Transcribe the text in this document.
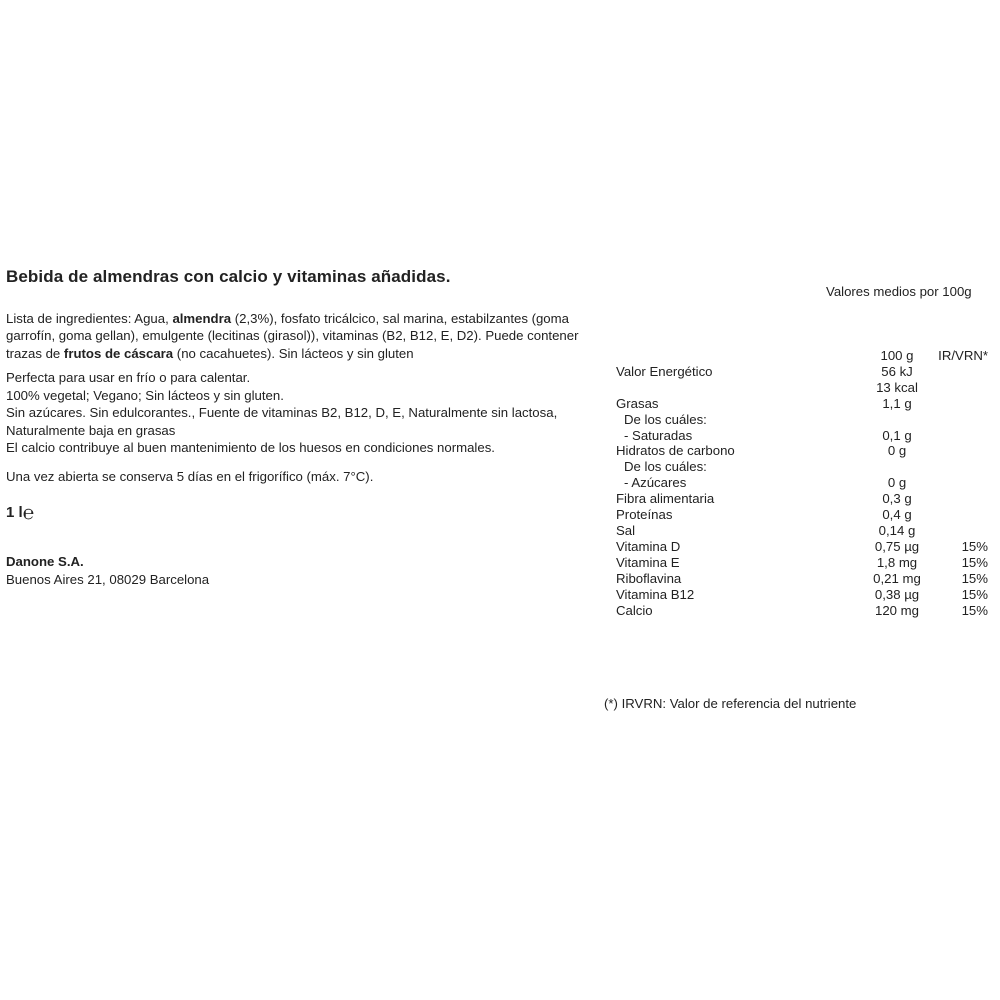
Bebida de almendras con calcio y vitaminas añadidas.
Valores medios por 100g

Lista de ingredientes: Agua, almendra (2,3%), fosfato tricálcico, sal marina, estabilzantes (goma garrofín, goma gellan), emulgente (lecitinas (girasol)), vitaminas (B2, B12, E, D2). Puede contener trazas de frutos de cáscara (no cacahuetes). Sin lácteos y sin gluten

Perfecta para usar en frío o para calentar.
100% vegetal; Vegano; Sin lácteos y sin gluten.
Sin azúcares. Sin edulcorantes., Fuente de vitaminas B2, B12, D, E, Naturalmente sin lactosa,
Naturalmente baja en grasas
El calcio contribuye al buen mantenimiento de los huesos en condiciones normales.
Una vez abierta se conserva 5 días en el frigorífico (máx. 7°C).
1 l℮
Danone S.A.
Buenos Aires 21, 08029 Barcelona
100 g	IR/VRN*
Valor Energético	56 kJ
13 kcal
Grasas	1,1 g
De los cuáles:
- Saturadas	0,1 g
Hidratos de carbono	0 g
De los cuáles:
- Azúcares	0 g
Fibra alimentaria	0,3 g
Proteínas	0,4 g
Sal	0,14 g
Vitamina D	0,75 µg	15%
Vitamina E	1,8 mg	15%
Riboflavina	0,21 mg	15%
Vitamina B12	0,38 µg	15%
Calcio	120 mg	15%
(*) IRVRN: Valor de referencia del nutriente
